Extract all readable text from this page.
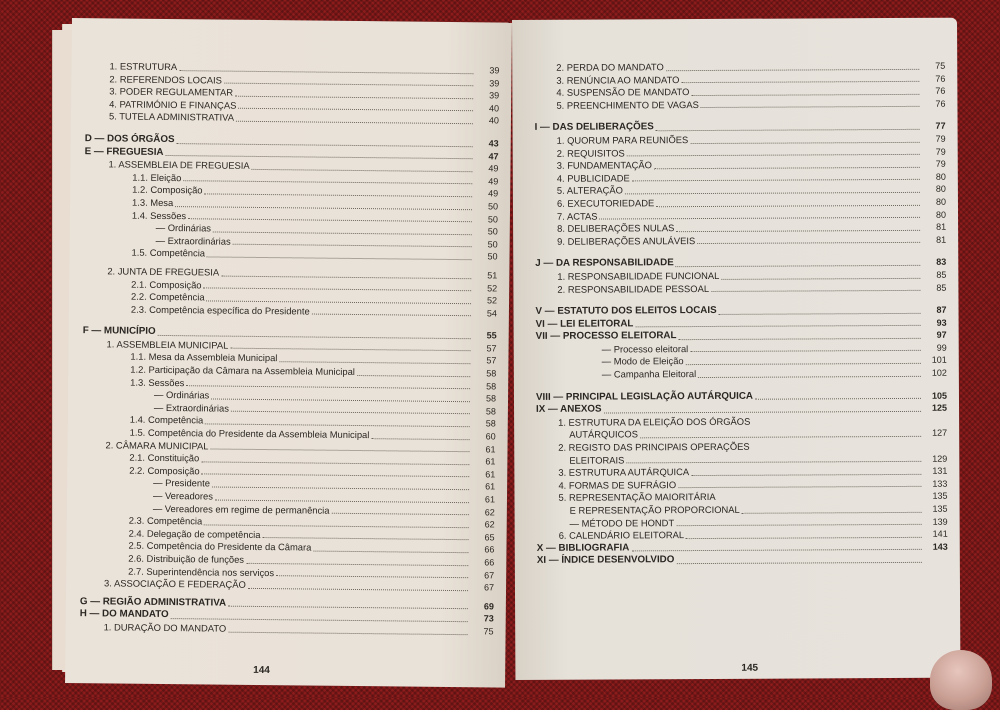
1. ESTRUTURA	39
2. REFERENDOS LOCAIS	39
3. PODER REGULAMENTAR	39
4. PATRIMÓNIO E FINANÇAS	40
5. TUTELA ADMINISTRATIVA	40
D — DOS ÓRGÃOS	43
E — FREGUESIA	47
1. ASSEMBLEIA DE FREGUESIA	49
1.1. Eleição	49
1.2. Composição	49
1.3. Mesa	50
1.4. Sessões	50
— Ordinárias	50
— Extraordinárias	50
1.5. Competência	50
2. JUNTA DE FREGUESIA	51
2.1. Composição	52
2.2. Competência	52
2.3. Competência específica do Presidente	54
F — MUNICÍPIO	55
1. ASSEMBLEIA MUNICIPAL	57
1.1. Mesa da Assembleia Municipal	57
1.2. Participação da Câmara na Assembleia Municipal	58
1.3. Sessões	58
— Ordinárias	58
— Extraordinárias	58
1.4. Competência	58
1.5. Competência do Presidente da Assembleia Municipal	60
2. CÂMARA MUNICIPAL	61
2.1. Constituição	61
2.2. Composição	61
— Presidente	61
— Vereadores	61
— Vereadores em regime de permanência	62
2.3. Competência	62
2.4. Delegação de competência	65
2.5. Competência do Presidente da Câmara	66
2.6. Distribuição de funções	66
2.7. Superintendência nos serviços	67
3. ASSOCIAÇÃO E FEDERAÇÃO	67
G — REGIÃO ADMINISTRATIVA	69
H — DO MANDATO	73
1. DURAÇÃO DO MANDATO	75
144
2. PERDA DO MANDATO	75
3. RENÚNCIA AO MANDATO	76
4. SUSPENSÃO DE MANDATO	76
5. PREENCHIMENTO DE VAGAS	76
I — DAS DELIBERAÇÕES	77
1. QUORUM PARA REUNIÕES	79
2. REQUISITOS	79
3. FUNDAMENTAÇÃO	79
4. PUBLICIDADE	80
5. ALTERAÇÃO	80
6. EXECUTORIEDADE	80
7. ACTAS	80
8. DELIBERAÇÕES NULAS	81
9. DELIBERAÇÕES ANULÁVEIS	81
J — DA RESPONSABILIDADE	83
1. RESPONSABILIDADE FUNCIONAL	85
2. RESPONSABILIDADE PESSOAL	85
V — ESTATUTO DOS ELEITOS LOCAIS	87
VI — LEI ELEITORAL	93
VII — PROCESSO ELEITORAL	97
— Processo eleitoral	99
— Modo de Eleição	101
— Campanha Eleitoral	102
VIII — PRINCIPAL LEGISLAÇÃO AUTÁRQUICA	105
IX — ANEXOS	125
1. ESTRUTURA DA ELEIÇÃO DOS ÓRGÃOS
AUTÁRQUICOS	127
2. REGISTO DAS PRINCIPAIS OPERAÇÕES
ELEITORAIS	129
3. ESTRUTURA AUTÁRQUICA	131
4. FORMAS DE SUFRÁGIO	133
5. REPRESENTAÇÃO MAIORITÁRIA	135
E REPRESENTAÇÃO PROPORCIONAL	135
— MÉTODO DE HONDT	139
6. CALENDÁRIO ELEITORAL	141
X — BIBLIOGRAFIA	143
XI — ÍNDICE DESENVOLVIDO
145
